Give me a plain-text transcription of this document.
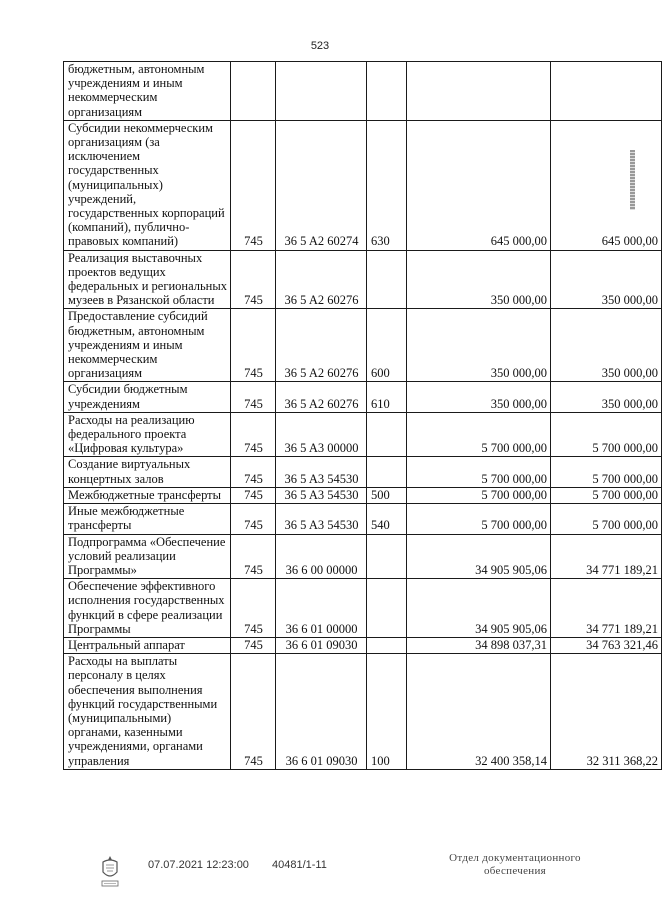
523
бюджетным, автономным учреждениям и иным некоммерческим организациям					
Субсидии некоммерческим организациям (за исключением государственных (муниципальных) учреждений, государственных корпораций (компаний), публично-правовых компаний)	745	36 5 A2 60274	630	645 000,00	645 000,00
Реализация выставочных проектов ведущих федеральных и региональных музеев в Рязанской области	745	36 5 A2 60276		350 000,00	350 000,00
Предоставление субсидий бюджетным, автономным учреждениям и иным некоммерческим организациям	745	36 5 A2 60276	600	350 000,00	350 000,00
Субсидии бюджетным учреждениям	745	36 5 A2 60276	610	350 000,00	350 000,00
Расходы на реализацию федерального проекта «Цифровая культура»	745	36 5 A3 00000		5 700 000,00	5 700 000,00
Создание виртуальных концертных залов	745	36 5 A3 54530		5 700 000,00	5 700 000,00
Межбюджетные трансферты	745	36 5 A3 54530	500	5 700 000,00	5 700 000,00
Иные межбюджетные трансферты	745	36 5 A3 54530	540	5 700 000,00	5 700 000,00
Подпрограмма «Обеспечение условий реализации Программы»	745	36 6 00 00000		34 905 905,06	34 771 189,21
Обеспечение эффективного исполнения государственных функций в сфере реализации Программы	745	36 6 01 00000		34 905 905,06	34 771 189,21
Центральный аппарат	745	36 6 01 09030		34 898 037,31	34 763 321,46
Расходы на выплаты персоналу в целях обеспечения выполнения функций государственными (муниципальными) органами, казенными учреждениями, органами управления	745	36 6 01 09030	100	32 400 358,14	32 311 368,22
07.07.2021 12:23:00 40481/1-11
Отдел документационного
обеспечения
